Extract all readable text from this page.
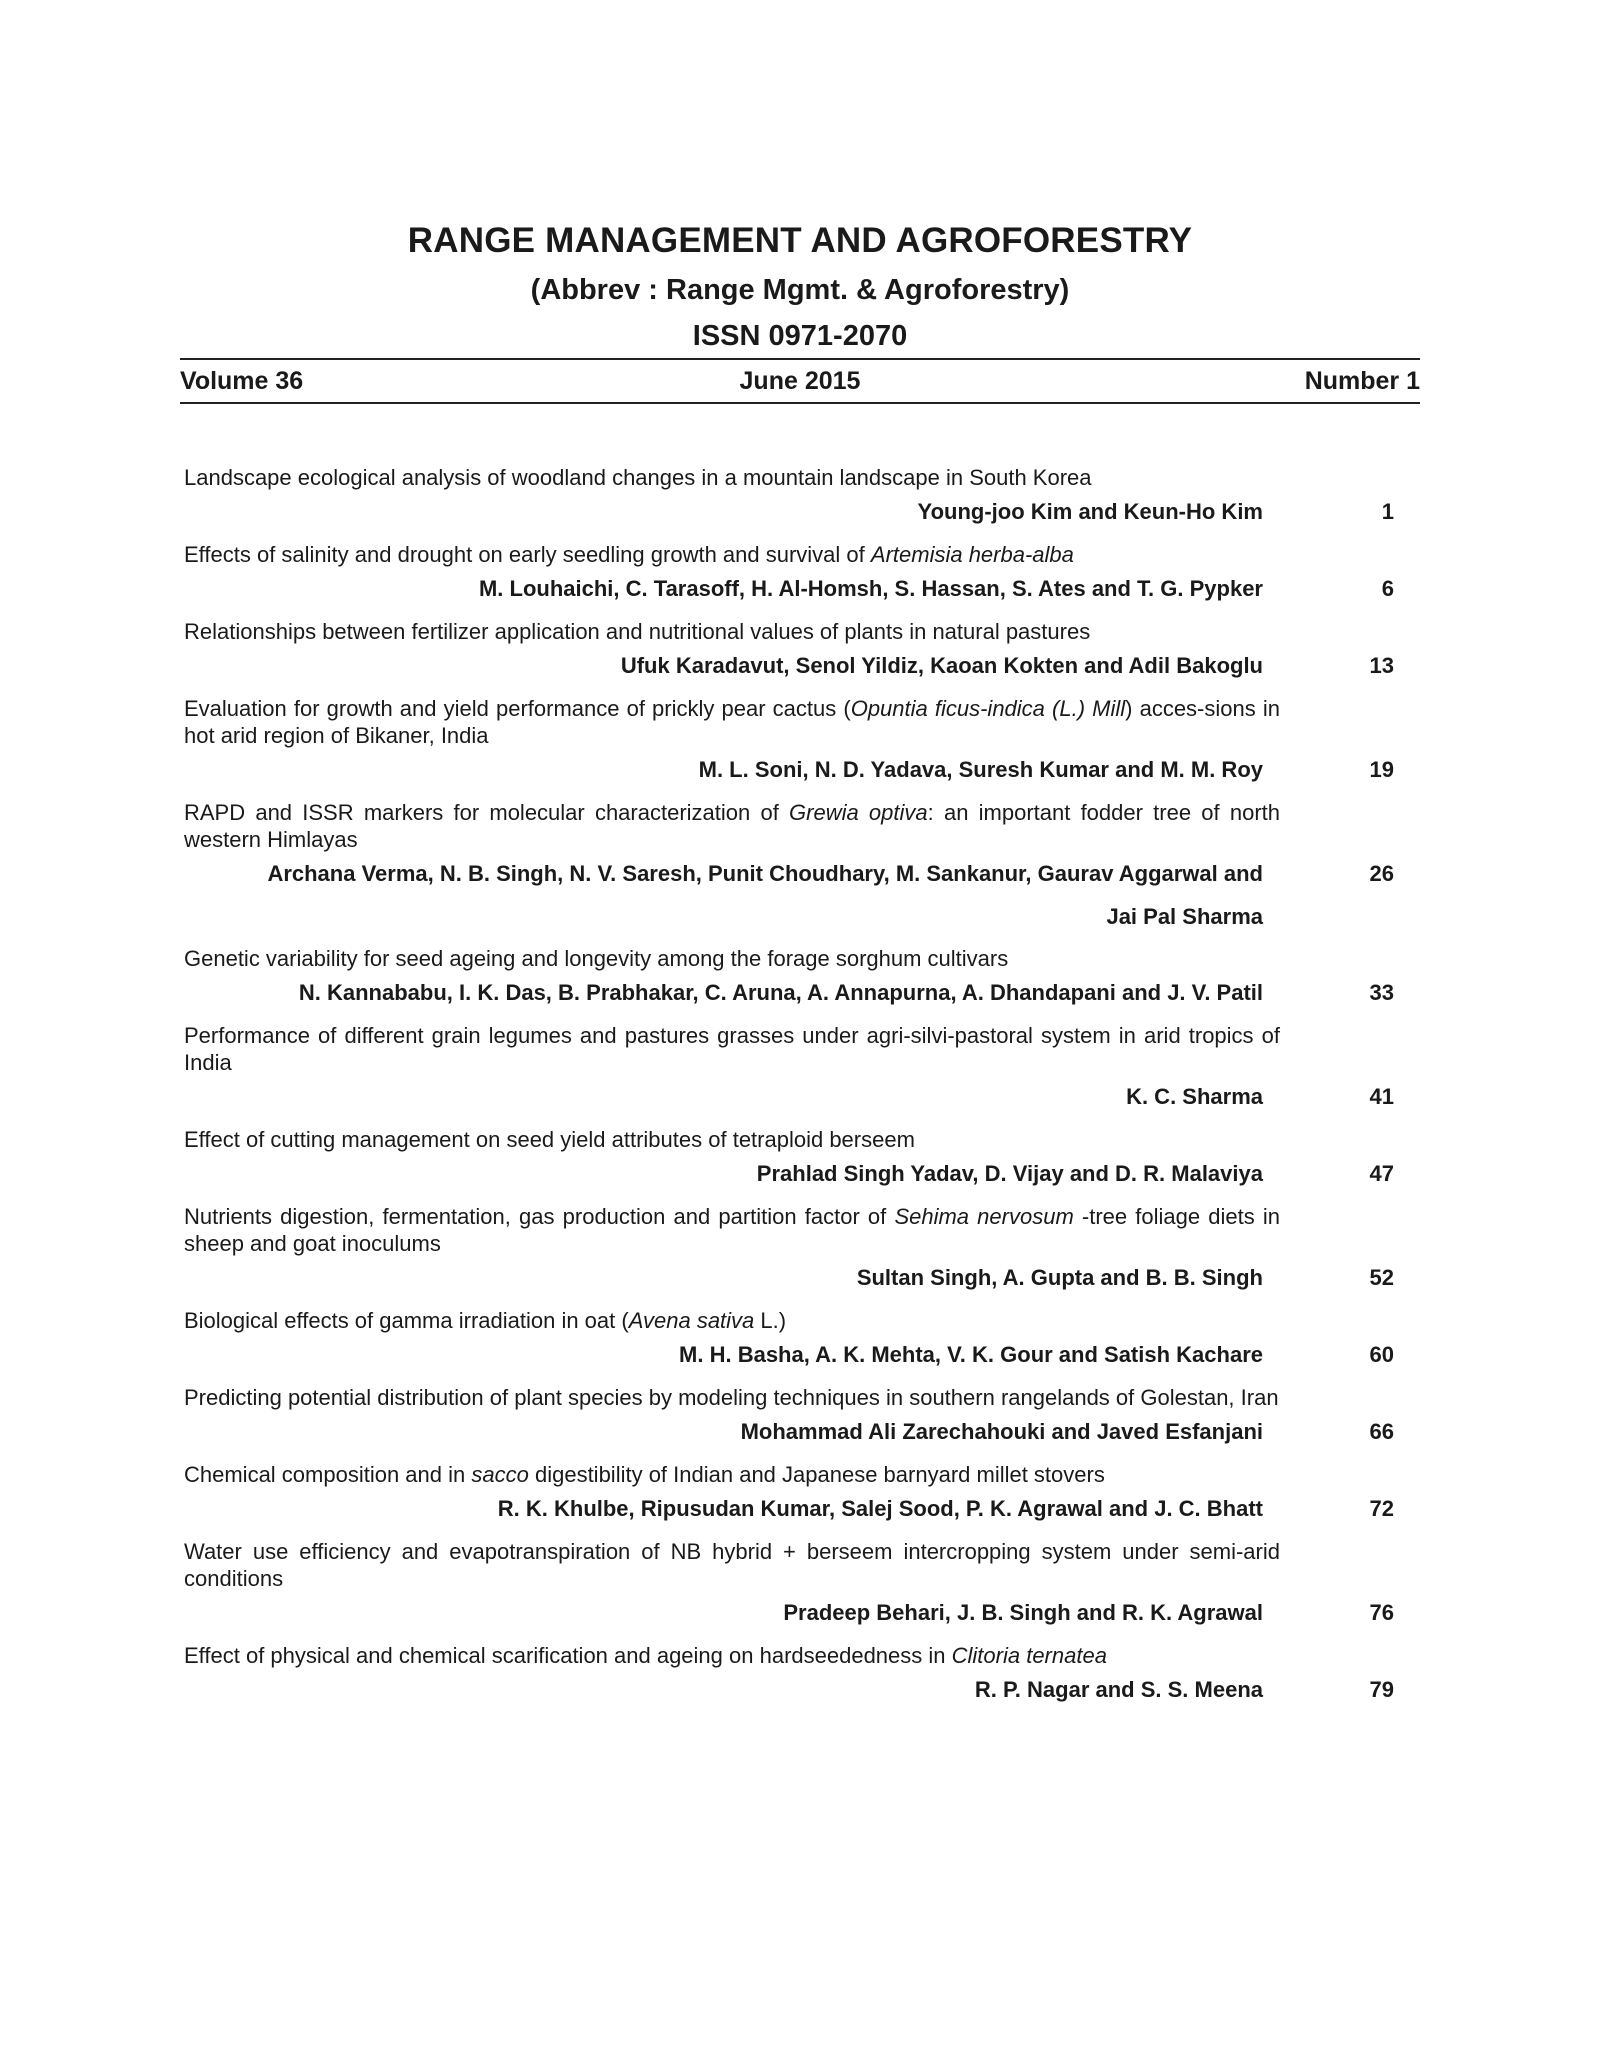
RANGE MANAGEMENT AND AGROFORESTRY

(Abbrev : Range Mgmt. & Agroforestry)

ISSN 0971-2070

Volume 36	June 2015	Number 1

Landscape ecological analysis of woodland changes in a mountain landscape in South Korea

Young-joo Kim and Keun-Ho Kim	1

Effects of salinity and drought on early seedling growth and survival of Artemisia herba-alba

M. Louhaichi, C. Tarasoff, H. Al-Homsh, S. Hassan, S. Ates and T. G. Pypker	6

Relationships between fertilizer application and nutritional values of plants in natural pastures

Ufuk Karadavut, Senol Yildiz, Kaoan Kokten and Adil Bakoglu	13

Evaluation for growth and yield performance of prickly pear cactus (Opuntia ficus-indica (L.) Mill) acces-sions in hot arid region of Bikaner, India

M. L. Soni, N. D. Yadava, Suresh Kumar and M. M. Roy	19

RAPD and ISSR markers for molecular characterization of Grewia optiva: an important fodder tree of north western Himlayas

Archana Verma, N. B. Singh, N. V. Saresh, Punit Choudhary, M. Sankanur, Gaurav Aggarwal and	26
Jai Pal Sharma

Genetic variability for seed ageing and longevity among the forage sorghum cultivars

N. Kannababu, I. K. Das, B. Prabhakar, C. Aruna, A. Annapurna, A. Dhandapani and J. V. Patil	33

Performance of different grain legumes and pastures grasses under agri-silvi-pastoral system in arid tropics of India

K. C. Sharma	41

Effect of cutting management on seed yield attributes of tetraploid berseem

Prahlad Singh Yadav, D. Vijay and D. R. Malaviya	47

Nutrients digestion, fermentation, gas production and partition factor of Sehima nervosum -tree foliage diets in sheep and goat inoculums

Sultan Singh, A. Gupta and B. B. Singh	52

Biological effects of gamma irradiation in oat (Avena sativa L.)

M. H. Basha, A. K. Mehta, V. K. Gour and Satish Kachare	60

Predicting potential distribution of plant species by modeling techniques in southern rangelands of Golestan, Iran

Mohammad Ali Zarechahouki and Javed Esfanjani	66

Chemical composition and in sacco digestibility of Indian and Japanese barnyard millet stovers

R. K. Khulbe, Ripusudan Kumar, Salej Sood, P. K. Agrawal and J. C. Bhatt	72

Water use efficiency and evapotranspiration of NB hybrid + berseem intercropping system under semi-arid conditions

Pradeep Behari, J. B. Singh and R. K. Agrawal	76

Effect of physical and chemical scarification and ageing on hardseededness in Clitoria ternatea

R. P. Nagar and S. S. Meena	79
